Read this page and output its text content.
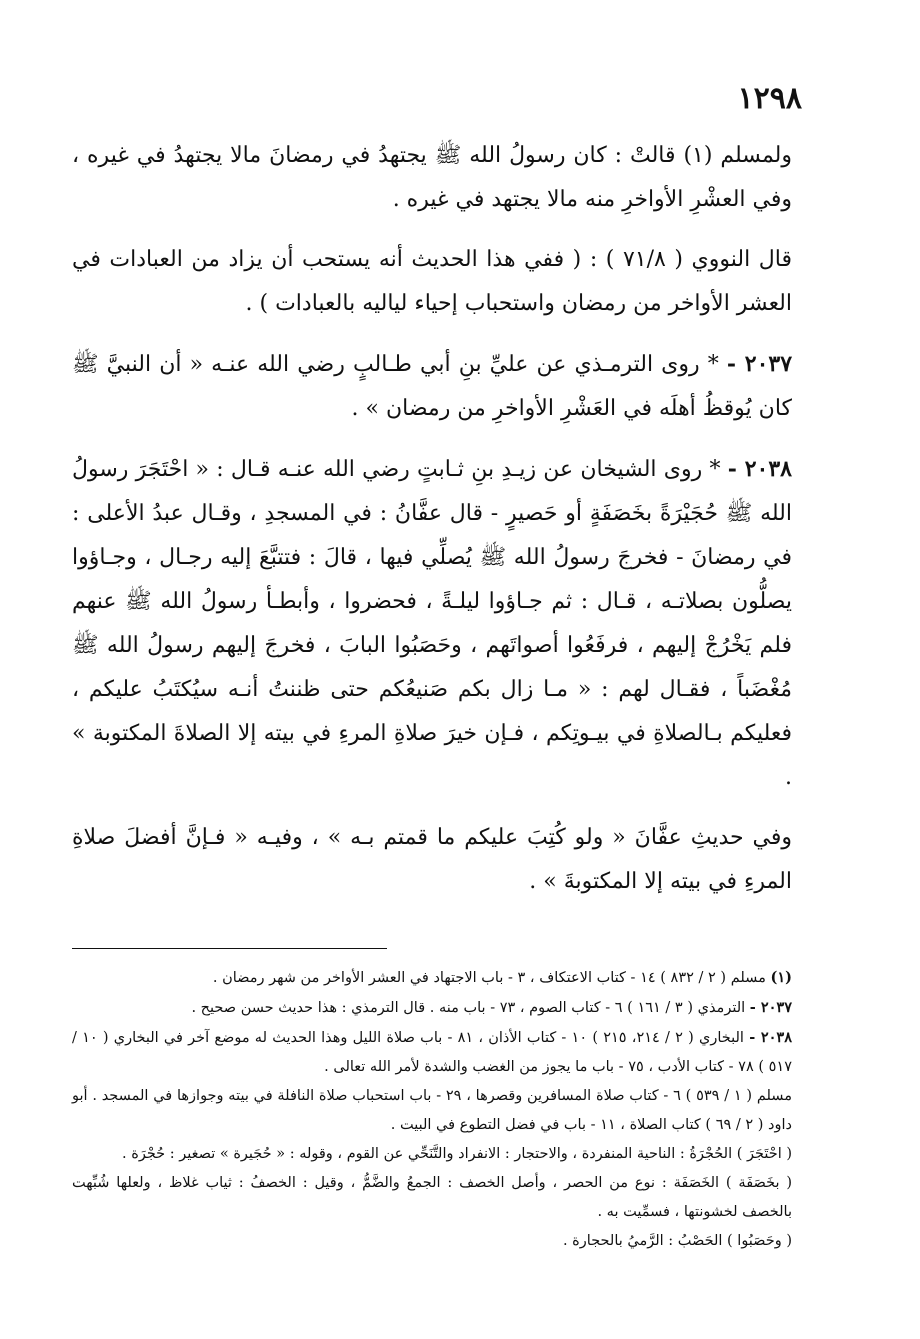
١٢٩٨

ولمسلم (١) قالتْ : كان رسولُ الله ﷺ يجتهدُ في رمضانَ مالا يجتهدُ في غيره ، وفي العشْرِ الأواخرِ منه مالا يجتهد في غيره .

قال النووي ( ٧١/٨ ) : ( ففي هذا الحديث أنه يستحب أن يزاد من العبادات في العشر الأواخر من رمضان واستحباب إحياء لياليه بالعبادات ) .

٢٠٣٧ - * روى الترمـذي عن عليِّ بنِ أبي طـالبٍ رضي الله عنـه « أن النبيَّ ﷺ كان يُوقظُ أهلَه في العَشْرِ الأواخرِ من رمضان » .

٢٠٣٨ - * روى الشيخان عن زيـدِ بنِ ثـابتٍ رضي الله عنـه قـال : « احْتَجَرَ رسولُ الله ﷺ حُجَيْرَةً بخَصَفَةٍ أو حَصيرٍ - قال عفَّانُ : في المسجدِ ، وقـال عبدُ الأعلى : في رمضانَ - فخرجَ رسولُ الله ﷺ يُصلِّي فيها ، قالَ : فتتبَّعَ إليه رجـال ، وجـاؤوا يصلُّون بصلاتـه ، قـال : ثم جـاؤوا ليلـةً ، فحضروا ، وأبطـأ رسولُ الله ﷺ عنهم فلم يَخْرُجْ إليهم ، فرفَعُوا أصواتَهم ، وحَصَبُوا البابَ ، فخرجَ إليهم رسولُ الله ﷺ مُغْضَباً ، فقـال لهم : « مـا زال بكم صَنيعُكم حتى ظننتُ أنـه سيُكتَبُ عليكم ، فعليكم بـالصلاةِ في بيـوتِكم ، فـإن خيرَ صلاةِ المرءِ في بيته إلا الصلاةَ المكتوبة » .

وفي حديثِ عفَّانَ « ولو كُتِبَ عليكم ما قمتم بـه » ، وفيـه « فـإنَّ أفضلَ صلاةِ المرءِ في بيته إلا المكتوبةَ » .

(١) مسلم ( ٢ / ٨٣٢ ) ١٤ - كتاب الاعتكاف ، ٣ - باب الاجتهاد في العشر الأواخر من شهر رمضان .

٢٠٣٧ - الترمذي ( ٣ / ١٦١ ) ٦ - كتاب الصوم ، ٧٣ - باب منه . قال الترمذي : هذا حديث حسن صحيح .

٢٠٣٨ - البخاري ( ٢ / ٢١٤، ٢١٥ ) ١٠ - كتاب الأذان ، ٨١ - باب صلاة الليل وهذا الحديث له موضع آخر في البخاري ( ١٠ / ٥١٧ ) ٧٨ - كتاب الأدب ، ٧٥ - باب ما يجوز من الغضب والشدة لأمر الله تعالى .

مسلم ( ١ / ٥٣٩ ) ٦ - كتاب صلاة المسافرين وقصرها ، ٢٩ - باب استحباب صلاة النافلة في بيته وجوازها في المسجد . أبو داود ( ٢ / ٦٩ ) كتاب الصلاة ، ١١ - باب في فضل التطوع في البيت .

( احْتَجَرَ ) الحُجْرَةُ : الناحية المنفردة ، والاحتجار : الانفراد والتَّنَحِّي عن القوم ، وقوله : « حُجَيرة » تصغير : حُجْرَة .

( بخَصَفَة ) الخَصَفَة : نوع من الحصر ، وأصل الخصف : الجمعُ والضَّمُّ ، وقيل : الخصفُ : ثياب غلاظ ، ولعلها شُبِّهت بالخصف لخشونتها ، فسمِّيت به .

( وحَصَبُوا ) الحَصْبُ : الرَّميُ بالحجارة .
